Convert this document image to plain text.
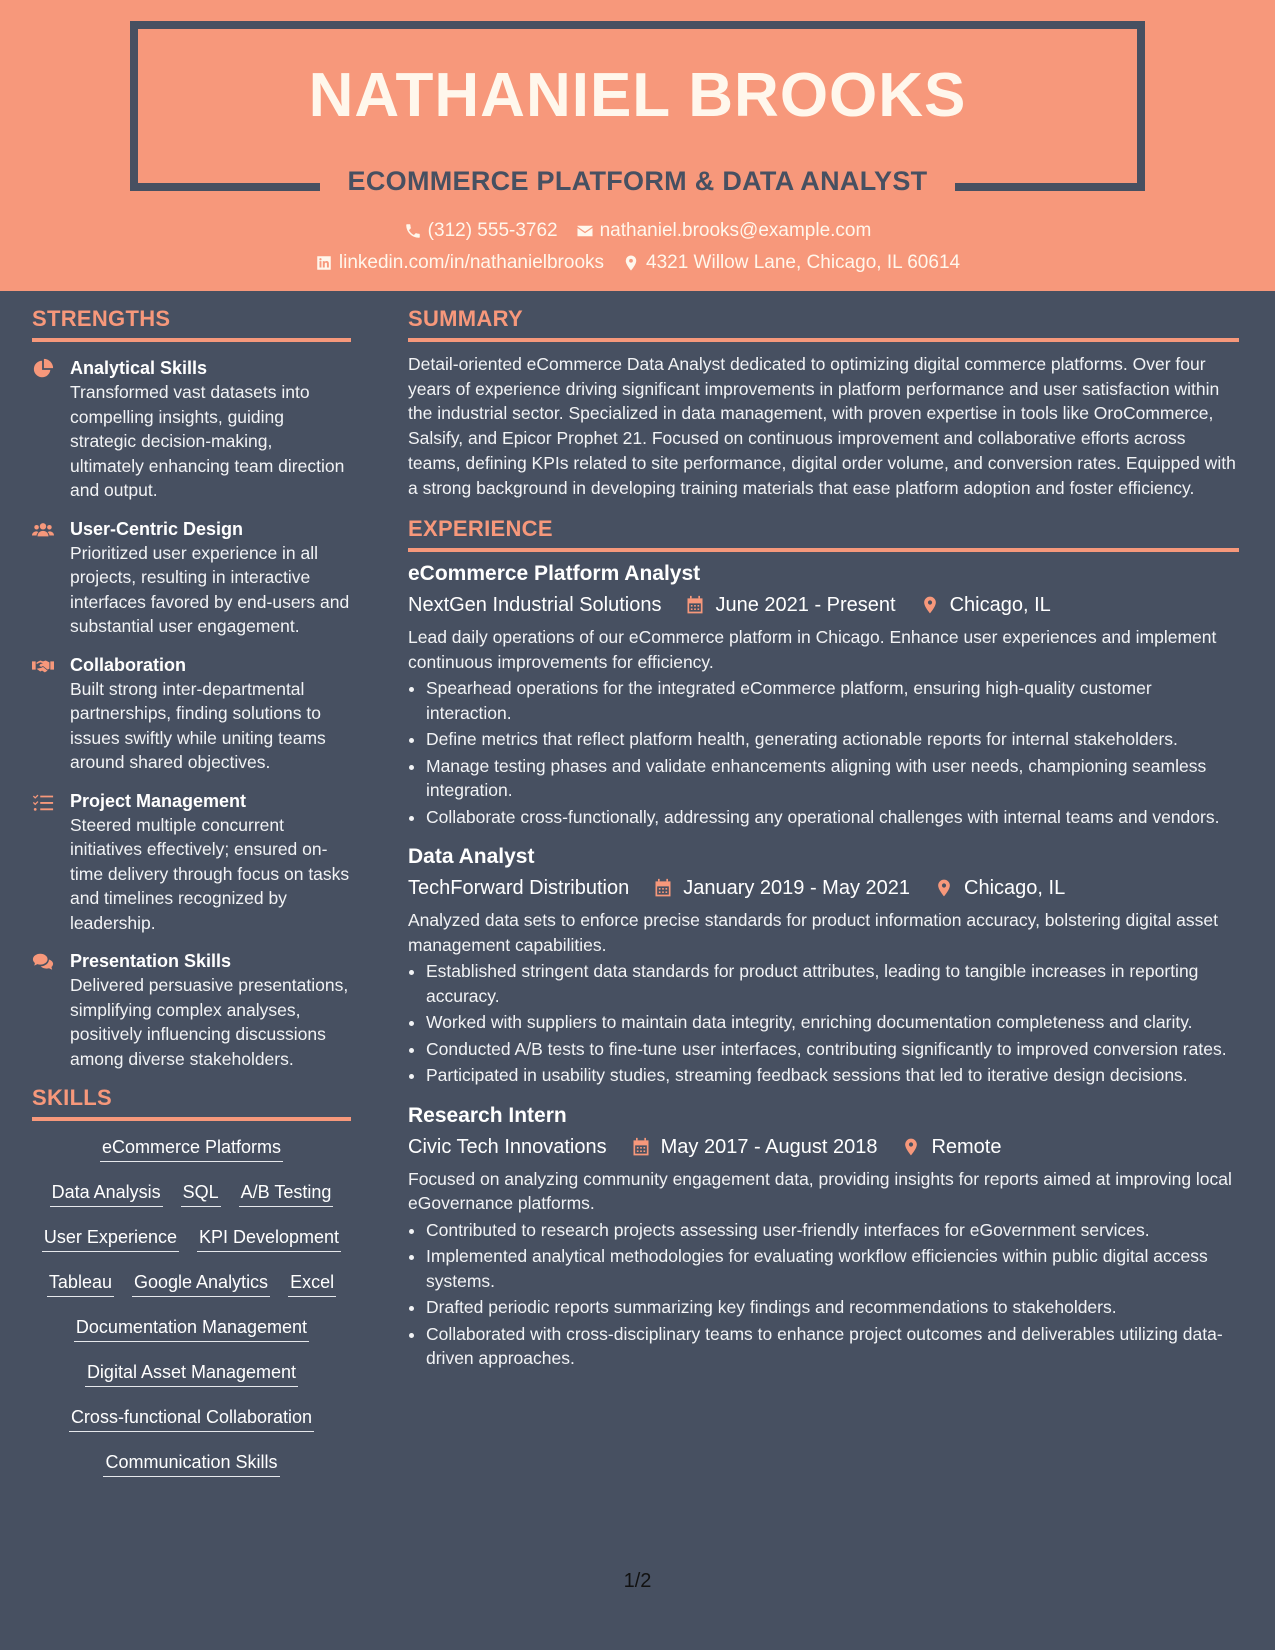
NATHANIEL BROOKS
ECOMMERCE PLATFORM & DATA ANALYST
(312) 555-3762 nathaniel.brooks@example.com
linkedin.com/in/nathanielbrooks 4321 Willow Lane, Chicago, IL 60614
STRENGTHS
Analytical Skills
Transformed vast datasets into compelling insights, guiding strategic decision-making, ultimately enhancing team direction and output.
User-Centric Design
Prioritized user experience in all projects, resulting in interactive interfaces favored by end-users and substantial user engagement.
Collaboration
Built strong inter-departmental partnerships, finding solutions to issues swiftly while uniting teams around shared objectives.
Project Management
Steered multiple concurrent initiatives effectively; ensured on-time delivery through focus on tasks and timelines recognized by leadership.
Presentation Skills
Delivered persuasive presentations, simplifying complex analyses, positively influencing discussions among diverse stakeholders.
SKILLS
eCommerce Platforms
Data Analysis SQL A/B Testing
User Experience KPI Development
Tableau Google Analytics Excel
Documentation Management
Digital Asset Management
Cross-functional Collaboration
Communication Skills
SUMMARY
Detail-oriented eCommerce Data Analyst dedicated to optimizing digital commerce platforms. Over four years of experience driving significant improvements in platform performance and user satisfaction within the industrial sector. Specialized in data management, with proven expertise in tools like OroCommerce, Salsify, and Epicor Prophet 21. Focused on continuous improvement and collaborative efforts across teams, defining KPIs related to site performance, digital order volume, and conversion rates. Equipped with a strong background in developing training materials that ease platform adoption and foster efficiency.
EXPERIENCE
eCommerce Platform Analyst
NextGen Industrial Solutions	June 2021 - Present	Chicago, IL
Lead daily operations of our eCommerce platform in Chicago. Enhance user experiences and implement continuous improvements for efficiency.
• Spearhead operations for the integrated eCommerce platform, ensuring high-quality customer interaction.
• Define metrics that reflect platform health, generating actionable reports for internal stakeholders.
• Manage testing phases and validate enhancements aligning with user needs, championing seamless integration.
• Collaborate cross-functionally, addressing any operational challenges with internal teams and vendors.
Data Analyst
TechForward Distribution	January 2019 - May 2021	Chicago, IL
Analyzed data sets to enforce precise standards for product information accuracy, bolstering digital asset management capabilities.
• Established stringent data standards for product attributes, leading to tangible increases in reporting accuracy.
• Worked with suppliers to maintain data integrity, enriching documentation completeness and clarity.
• Conducted A/B tests to fine-tune user interfaces, contributing significantly to improved conversion rates.
• Participated in usability studies, streaming feedback sessions that led to iterative design decisions.
Research Intern
Civic Tech Innovations	May 2017 - August 2018	Remote
Focused on analyzing community engagement data, providing insights for reports aimed at improving local eGovernance platforms.
• Contributed to research projects assessing user-friendly interfaces for eGovernment services.
• Implemented analytical methodologies for evaluating workflow efficiencies within public digital access systems.
• Drafted periodic reports summarizing key findings and recommendations to stakeholders.
• Collaborated with cross-disciplinary teams to enhance project outcomes and deliverables utilizing data-driven approaches.
1/2
